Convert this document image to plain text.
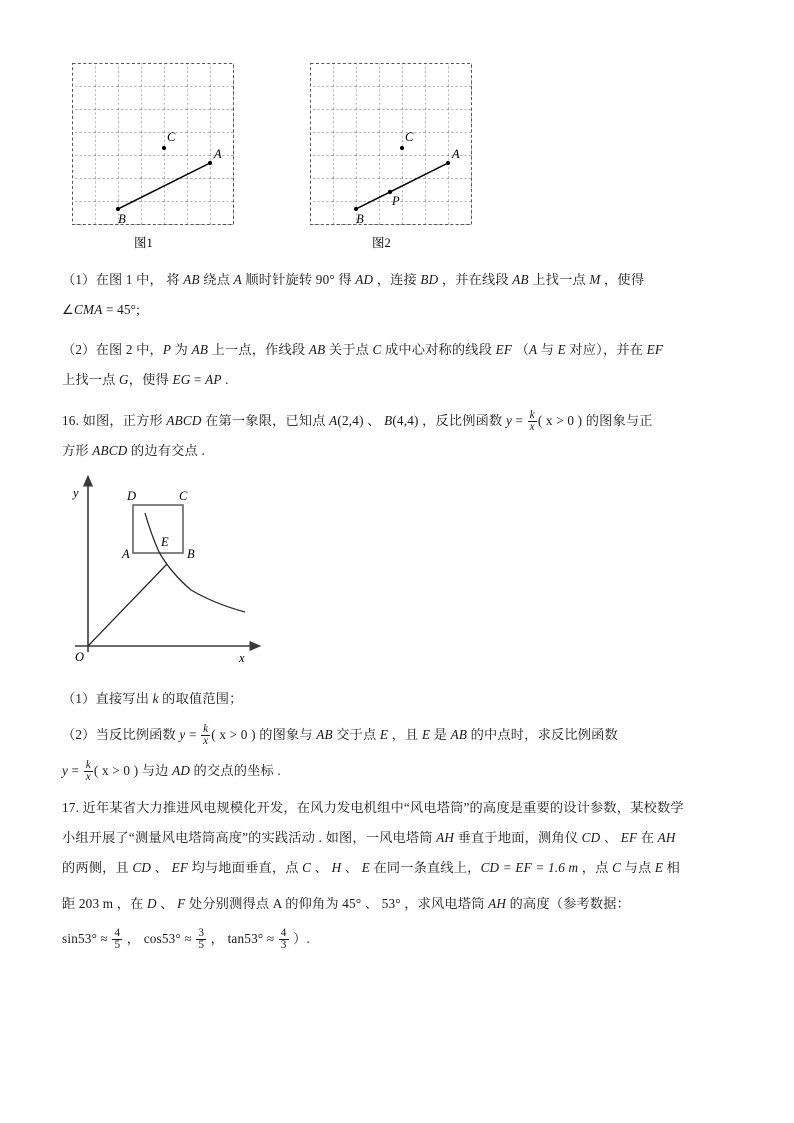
B
A
C
B
A
C
P
图1	图2
（1）在图 1 中， 将 AB 绕点 A 顺时针旋转 90° 得 AD ，连接 BD ，并在线段 AB 上找一点 M ，使得
∠CMA = 45°;
（2）在图 2 中，P 为 AB 上一点，作线段 AB 关于点 C 成中心对称的线段 EF （A 与 E 对应），并在 EF
上找一点 G，使得 EG = AP .
16. 如图，正方形 ABCD 在第一象限，已知点 A(2,4) 、 B(4,4) ，反比例函数 $y = \frac{k}{x}$ ( x > 0 ) 的图象与正
方形 ABCD 的边有交点 .
O	x
y
A	B
C
D
E
（1）直接写出 k 的取值范围；
（2）当反比例函数 $y = \frac{k}{x}$ ( x > 0 ) 的图象与 AB 交于点 E ，且 E 是 AB 的中点时，求反比例函数
$y = \frac{k}{x}$ ( x > 0 ) 与边 AD 的交点的坐标 .
17. 近年某省大力推进风电规模化开发，在风力发电机组中“风电塔筒”的高度是重要的设计参数，某校数学
小组开展了“测量风电塔筒高度”的实践活动 . 如图，一风电塔筒 AH 垂直于地面，测角仪 CD 、 EF 在 AH
的两侧，且 CD 、 EF 均与地面垂直，点 C 、 H 、 E 在同一条直线上，CD = EF = 1.6 m ，点 C 与点 E 相
距 203 m ，在 D 、 F 处分别测得点 A 的仰角为 45° 、 53° ，求风电塔筒 AH 的高度（参考数据：
$\sin 53^\circ \approx \frac{4}{5}$ ， $\cos 53^\circ \approx \frac{3}{5}$ ， $\tan 53^\circ \approx \frac{4}{3}$ ）.
